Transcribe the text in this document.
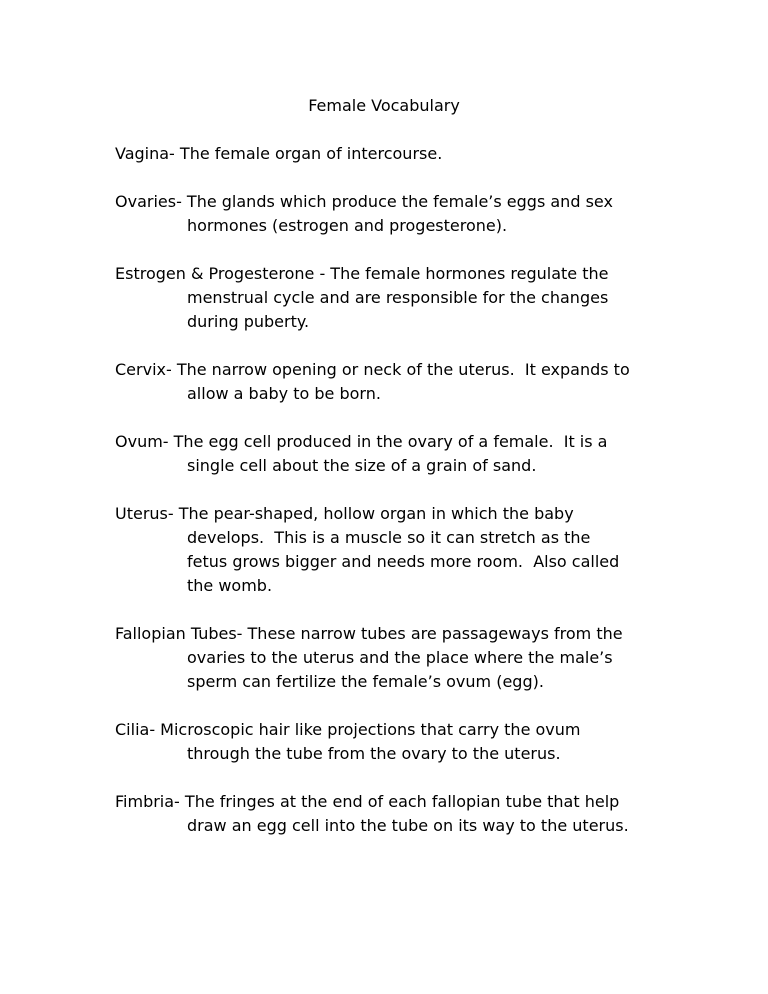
Female Vocabulary
Vagina- The female organ of intercourse.
Ovaries- The glands which produce the female’s eggs and sex
hormones (estrogen and progesterone).
Estrogen & Progesterone - The female hormones regulate the
menstrual cycle and are responsible for the changes
during puberty.
Cervix- The narrow opening or neck of the uterus.  It expands to
allow a baby to be born.
Ovum- The egg cell produced in the ovary of a female.  It is a
single cell about the size of a grain of sand.
Uterus- The pear-shaped, hollow organ in which the baby
develops.  This is a muscle so it can stretch as the
fetus grows bigger and needs more room.  Also called
the womb.
Fallopian Tubes- These narrow tubes are passageways from the
ovaries to the uterus and the place where the male’s
sperm can fertilize the female’s ovum (egg).
Cilia- Microscopic hair like projections that carry the ovum
through the tube from the ovary to the uterus.
Fimbria- The fringes at the end of each fallopian tube that help
draw an egg cell into the tube on its way to the uterus.
